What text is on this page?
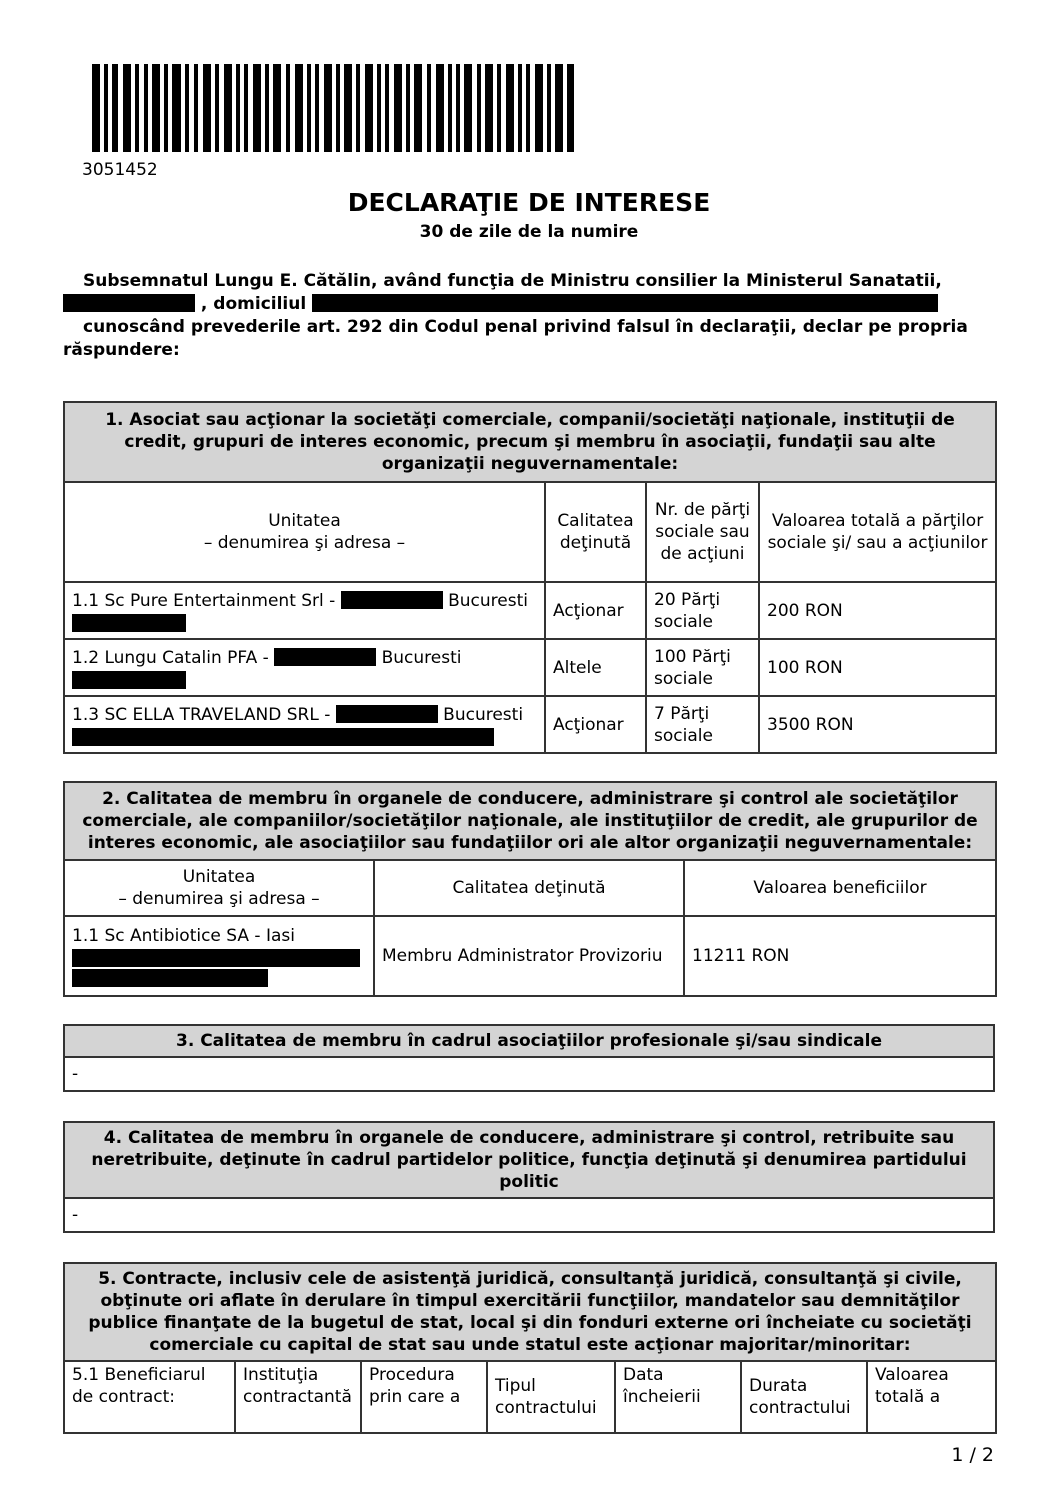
3051452
DECLARAŢIE DE INTERESE
30 de zile de la numire
Subsemnatul Lungu E. Cătălin, având funcţia de Ministru consilier la Ministerul Sanatatii,
, domiciliul
cunoscând prevederile art. 292 din Codul penal privind falsul în declaraţii, declar pe propria
răspundere:
1. Asociat sau acţionar la societăţi comerciale, companii/societăţi naţionale, instituţii de credit, grupuri de interes economic, precum şi membru în asociaţii, fundaţii sau alte organizaţii neguvernamentale:			
Unitatea
– denumirea şi adresa –	Calitatea deţinută	Nr. de părţi sociale sau de acţiuni	Valoarea totală a părţilor sociale şi/ sau a acţiunilor
1.1 Sc Pure Entertainment Srl - Bucuresti	Acţionar	20 Părţi sociale	200 RON
1.2 Lungu Catalin PFA - Bucuresti	Altele	100 Părţi sociale	100 RON
1.3 SC ELLA TRAVELAND SRL - Bucuresti	Acţionar	7 Părţi sociale	3500 RON
2. Calitatea de membru în organele de conducere, administrare şi control ale societăţilor comerciale, ale companiilor/societăţilor naţionale, ale instituţiilor de credit, ale grupurilor de interes economic, ale asociaţiilor sau fundaţiilor ori ale altor organizaţii neguvernamentale:		
Unitatea
– denumirea şi adresa –	Calitatea deţinută	Valoarea beneficiilor
1.1 Sc Antibiotice SA - Iasi	Membru Administrator Provizoriu	11211 RON
3. Calitatea de membru în cadrul asociaţiilor profesionale şi/sau sindicale
-
4. Calitatea de membru în organele de conducere, administrare şi control, retribuite sau neretribuite, deţinute în cadrul partidelor politice, funcţia deţinută şi denumirea partidului politic
-
5. Contracte, inclusiv cele de asistenţă juridică, consultanţă juridică, consultanţă şi civile, obţinute ori aflate în derulare în timpul exercitării funcţiilor, mandatelor sau demnităţilor publice finanţate de la bugetul de stat, local şi din fonduri externe ori încheiate cu societăţi comerciale cu capital de stat sau unde statul este acţionar majoritar/minoritar:
5.1 Beneficiarul de contract:	Instituţia contractantă	Procedura prin care a	Tipul contractului	Data încheierii	Durata contractului	Valoarea totală a
1 / 2
